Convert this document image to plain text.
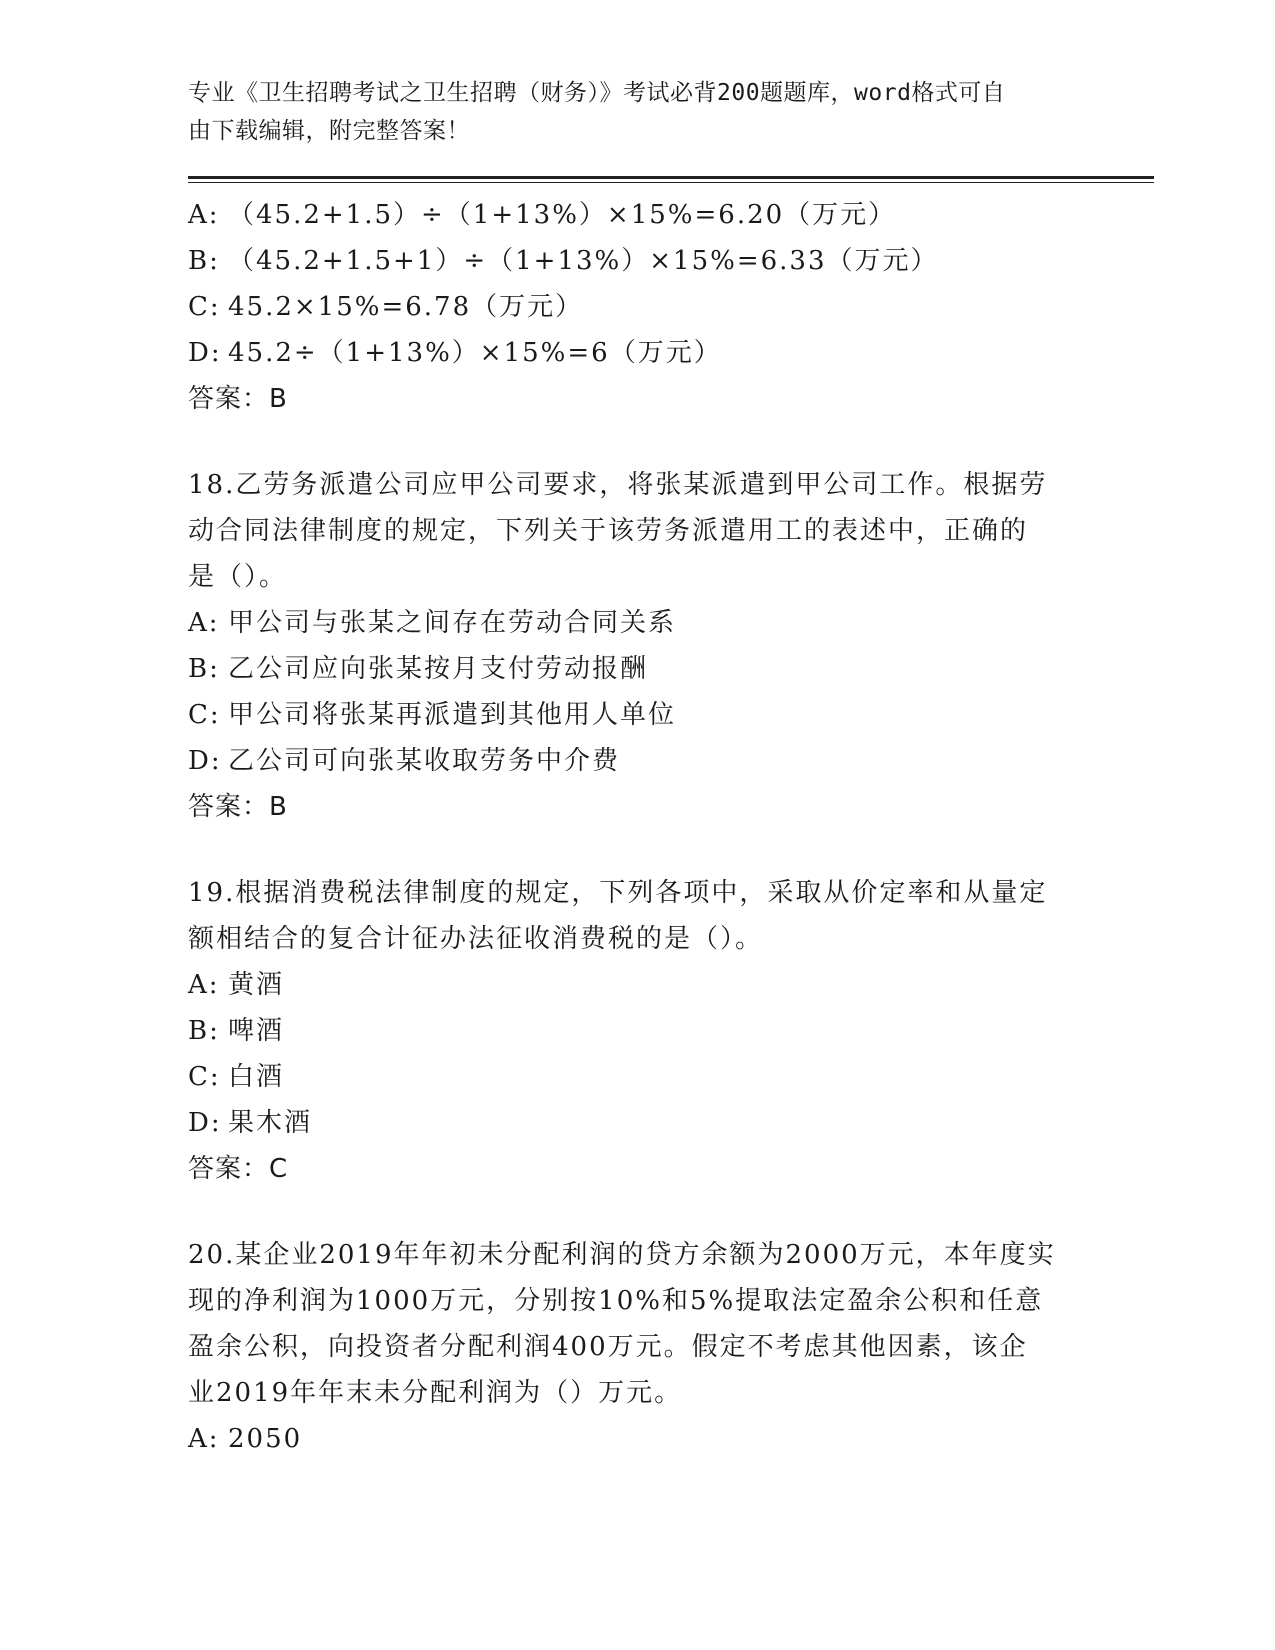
专业《卫生招聘考试之卫生招聘（财务）》考试必背200题题库，word格式可自
由下载编辑，附完整答案！
A: （45.2+1.5）÷（1+13%）×15%=6.20（万元）
B: （45.2+1.5+1）÷（1+13%）×15%=6.33（万元）
C: 45.2×15%=6.78（万元）
D: 45.2÷（1+13%）×15%=6（万元）
答案：B
18.乙劳务派遣公司应甲公司要求，将张某派遣到甲公司工作。根据劳
动合同法律制度的规定，下列关于该劳务派遣用工的表述中，正确的
是（）。
A: 甲公司与张某之间存在劳动合同关系
B: 乙公司应向张某按月支付劳动报酬
C: 甲公司将张某再派遣到其他用人单位
D: 乙公司可向张某收取劳务中介费
答案：B
19.根据消费税法律制度的规定，下列各项中，采取从价定率和从量定
额相结合的复合计征办法征收消费税的是（）。
A: 黄酒
B: 啤酒
C: 白酒
D: 果木酒
答案：C
20.某企业2019年年初未分配利润的贷方余额为2000万元，本年度实
现的净利润为1000万元，分别按10%和5%提取法定盈余公积和任意
盈余公积，向投资者分配利润400万元。假定不考虑其他因素，该企
业2019年年末未分配利润为（）万元。
A: 2050
